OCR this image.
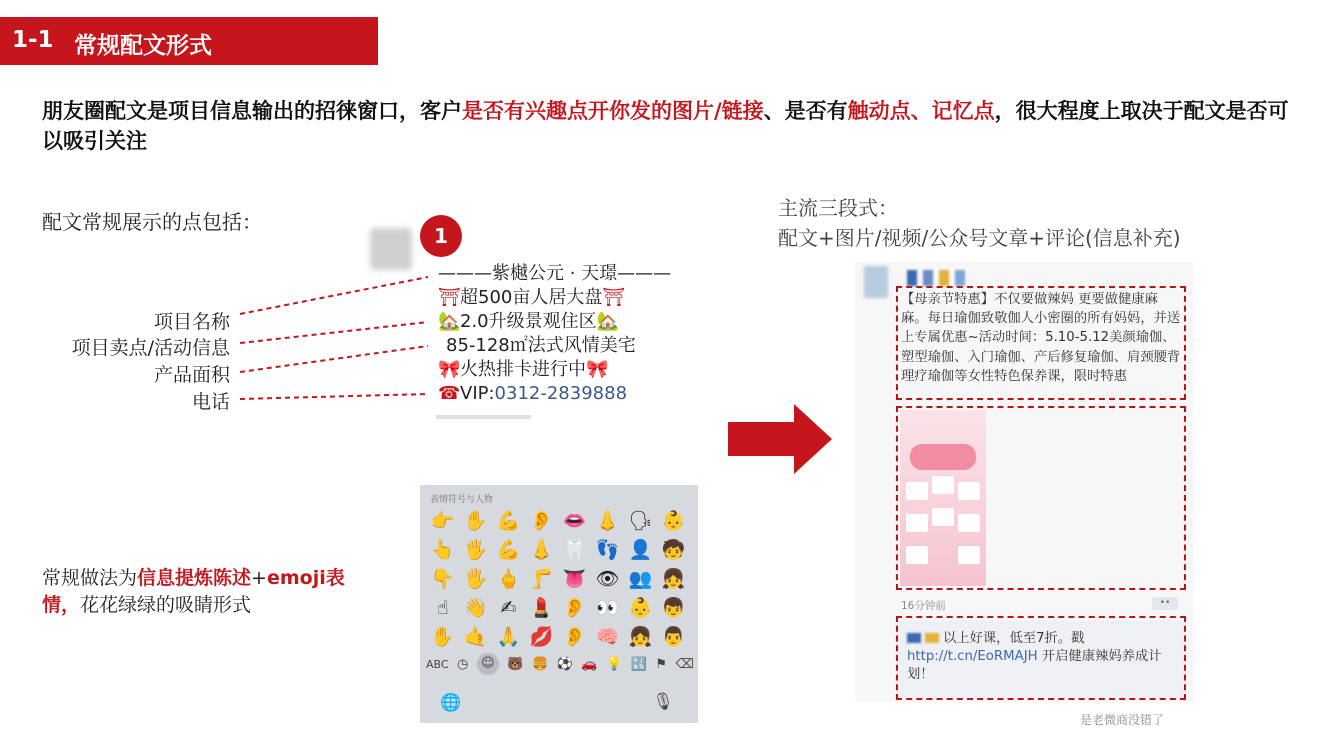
1-1 常规配文形式
朋友圈配文是项目信息输出的招徕窗口，客户是否有兴趣点开你发的图片/链接、是否有触动点、记忆点，很大程度上取决于配文是否可以吸引关注
配文常规展示的点包括：
主流三段式：
配文+图片/视频/公众号文章+评论(信息补充)
项目名称
项目卖点/活动信息
产品面积
电话
1
———紫樾公元 · 天璟———
⛩超500亩人居大盘⛩
🏡2.0升级景观住区🏡
85-128㎡法式风情美宅
🎀火热排卡进行中🎀
☎VIP:0312-2839888
常规做法为信息提炼陈述+emoji表情，花花绿绿的吸睛形式
表情符号与人物
👉 ✋ 💪 👂 👄 👃 🗣 👶
👆 🖐 💪 👃 🦷 👣 👤 🧒
👇 🖐 🖕 🦵 👅 👁 👥 👧
☝ 👋 ✍ 💄 👂 👀 👶 👦
✋ 🤙 🙏 💋 👂 🧠 👧 👨
ABC ◷ ☺ 🐻 🍔 ⚽ 🚗 💡 🔣 ⚑ ⌫
🌐	🎙
【母亲节特惠】不仅要做辣妈 更要做健康麻麻。每日瑜伽致敬伽人小密圈的所有妈妈，并送上专属优惠~活动时间：5.10-5.12美颜瑜伽、塑型瑜伽、入门瑜伽、产后修复瑜伽、肩颈腰背理疗瑜伽等女性特色保养课，限时特惠
16分钟前	••
以上好课，低至7折。戳http://t.cn/EoRMAJH 开启健康辣妈养成计划！
是老微商没错了
